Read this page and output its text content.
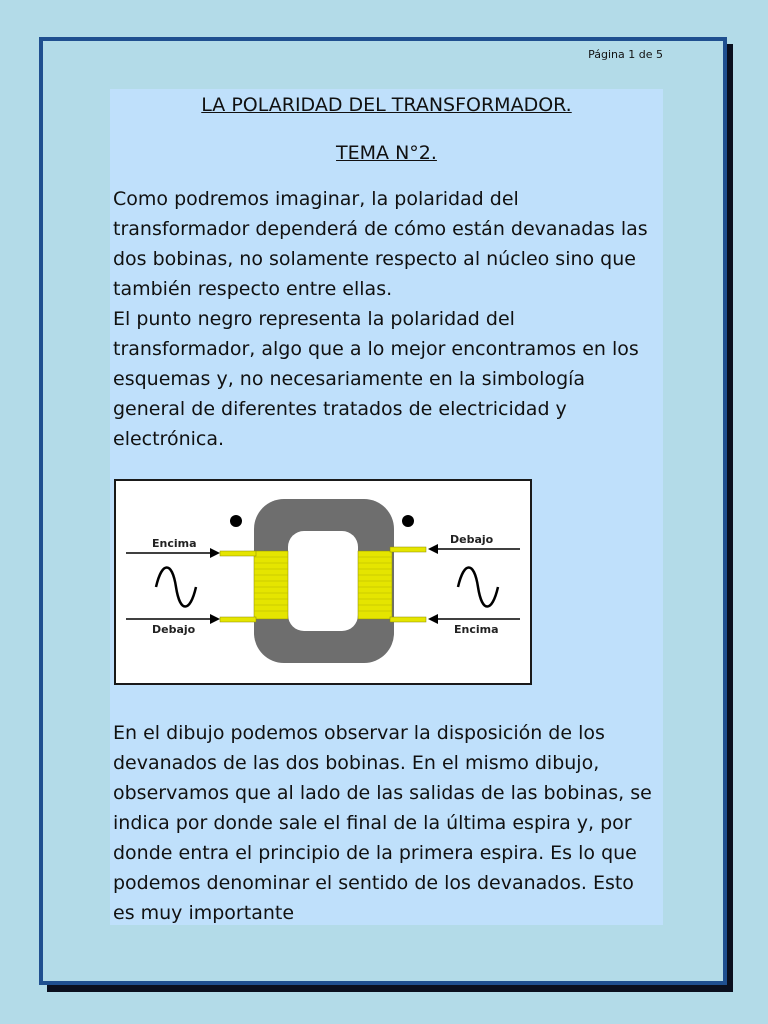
Página 1 de 5
LA POLARIDAD DEL TRANSFORMADOR.
TEMA N°2.
Como podremos imaginar, la polaridad del transformador dependerá de cómo están devanadas las dos bobinas, no solamente respecto al núcleo sino que también respecto entre ellas.
El punto negro representa la polaridad del transformador, algo que a lo mejor encontramos en los esquemas y, no necesariamente en la simbología general de diferentes tratados de electricidad y electrónica.
Encima
Debajo
Debajo
Encima

En el dibujo podemos observar la disposición de los devanados de las dos bobinas. En el mismo dibujo, observamos que al lado de las salidas de las bobinas, se indica por donde sale el final de la última espira y, por donde entra el principio de la primera espira. Es lo que podemos denominar el sentido de los devanados. Esto es muy importante
